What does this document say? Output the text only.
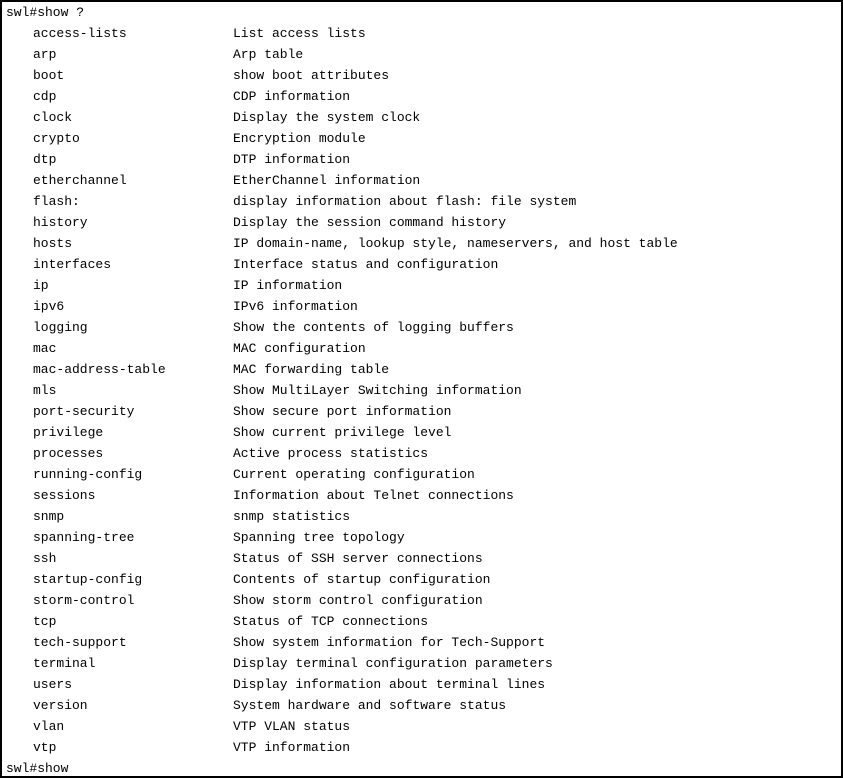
swl#show ?
access-lists	List access lists
arp	Arp table
boot	show boot attributes
cdp	CDP information
clock	Display the system clock
crypto	Encryption module
dtp	DTP information
etherchannel	EtherChannel information
flash:	display information about flash: file system
history	Display the session command history
hosts	IP domain-name, lookup style, nameservers, and host table
interfaces	Interface status and configuration
ip	IP information
ipv6	IPv6 information
logging	Show the contents of logging buffers
mac	MAC configuration
mac-address-table	MAC forwarding table
mls	Show MultiLayer Switching information
port-security	Show secure port information
privilege	Show current privilege level
processes	Active process statistics
running-config	Current operating configuration
sessions	Information about Telnet connections
snmp	snmp statistics
spanning-tree	Spanning tree topology
ssh	Status of SSH server connections
startup-config	Contents of startup configuration
storm-control	Show storm control configuration
tcp	Status of TCP connections
tech-support	Show system information for Tech-Support
terminal	Display terminal configuration parameters
users	Display information about terminal lines
version	System hardware and software status
vlan	VTP VLAN status
vtp	VTP information
swl#show
